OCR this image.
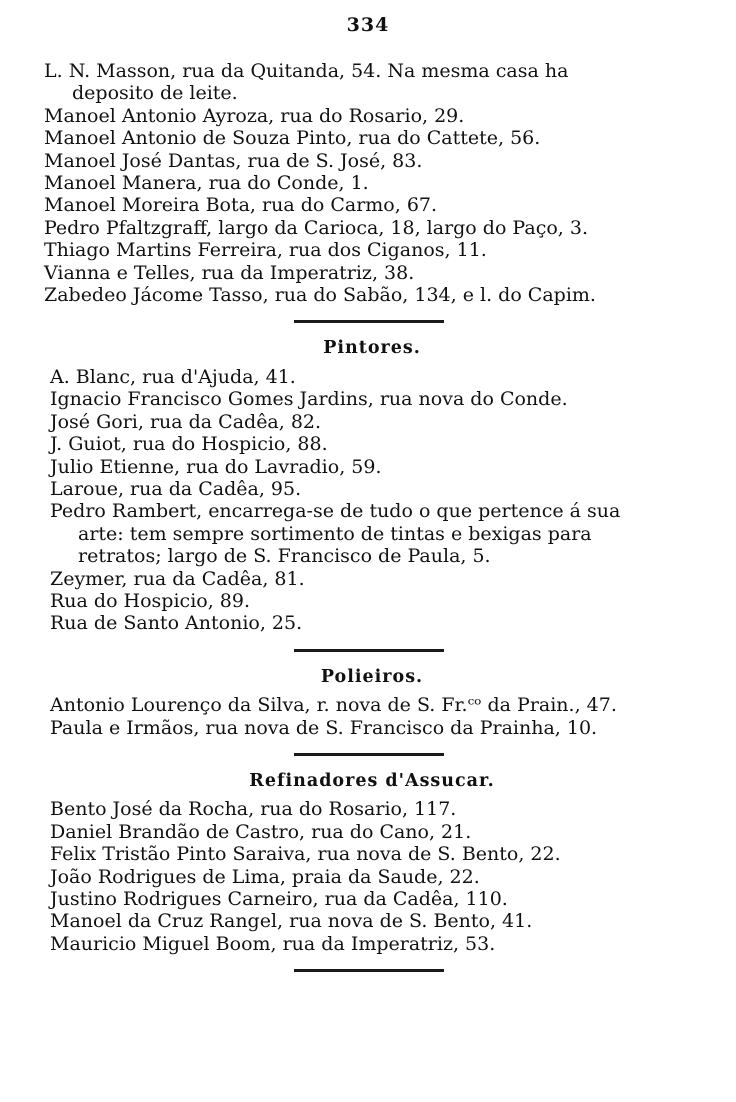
334

L. N. Masson, rua da Quitanda, 54. Na mesma casa ha deposito de leite.

Manoel Antonio Ayroza, rua do Rosario, 29.

Manoel Antonio de Souza Pinto, rua do Cattete, 56.

Manoel José Dantas, rua de S. José, 83.

Manoel Manera, rua do Conde, 1.

Manoel Moreira Bota, rua do Carmo, 67.

Pedro Pfaltzgraff, largo da Carioca, 18, largo do Paço, 3.

Thiago Martins Ferreira, rua dos Ciganos, 11.

Vianna e Telles, rua da Imperatriz, 38.

Zabedeo Jácome Tasso, rua do Sabão, 134, e l. do Capim.

Pintores.

A. Blanc, rua d'Ajuda, 41.

Ignacio Francisco Gomes Jardins, rua nova do Conde.

José Gori, rua da Cadêa, 82.

J. Guiot, rua do Hospicio, 88.

Julio Etienne, rua do Lavradio, 59.

Laroue, rua da Cadêa, 95.

Pedro Rambert, encarrega-se de tudo o que pertence á sua arte: tem sempre sortimento de tintas e bexigas para retratos; largo de S. Francisco de Paula, 5.

Zeymer, rua da Cadêa, 81.

Rua do Hospicio, 89.

Rua de Santo Antonio, 25.

Polieiros.

Antonio Lourenço da Silva, r. nova de S. Fr.ᶜᵒ da Prain., 47.

Paula e Irmãos, rua nova de S. Francisco da Prainha, 10.

Refinadores d'Assucar.

Bento José da Rocha, rua do Rosario, 117.

Daniel Brandão de Castro, rua do Cano, 21.

Felix Tristão Pinto Saraiva, rua nova de S. Bento, 22.

João Rodrigues de Lima, praia da Saude, 22.

Justino Rodrigues Carneiro, rua da Cadêa, 110.

Manoel da Cruz Rangel, rua nova de S. Bento, 41.

Mauricio Miguel Boom, rua da Imperatriz, 53.
